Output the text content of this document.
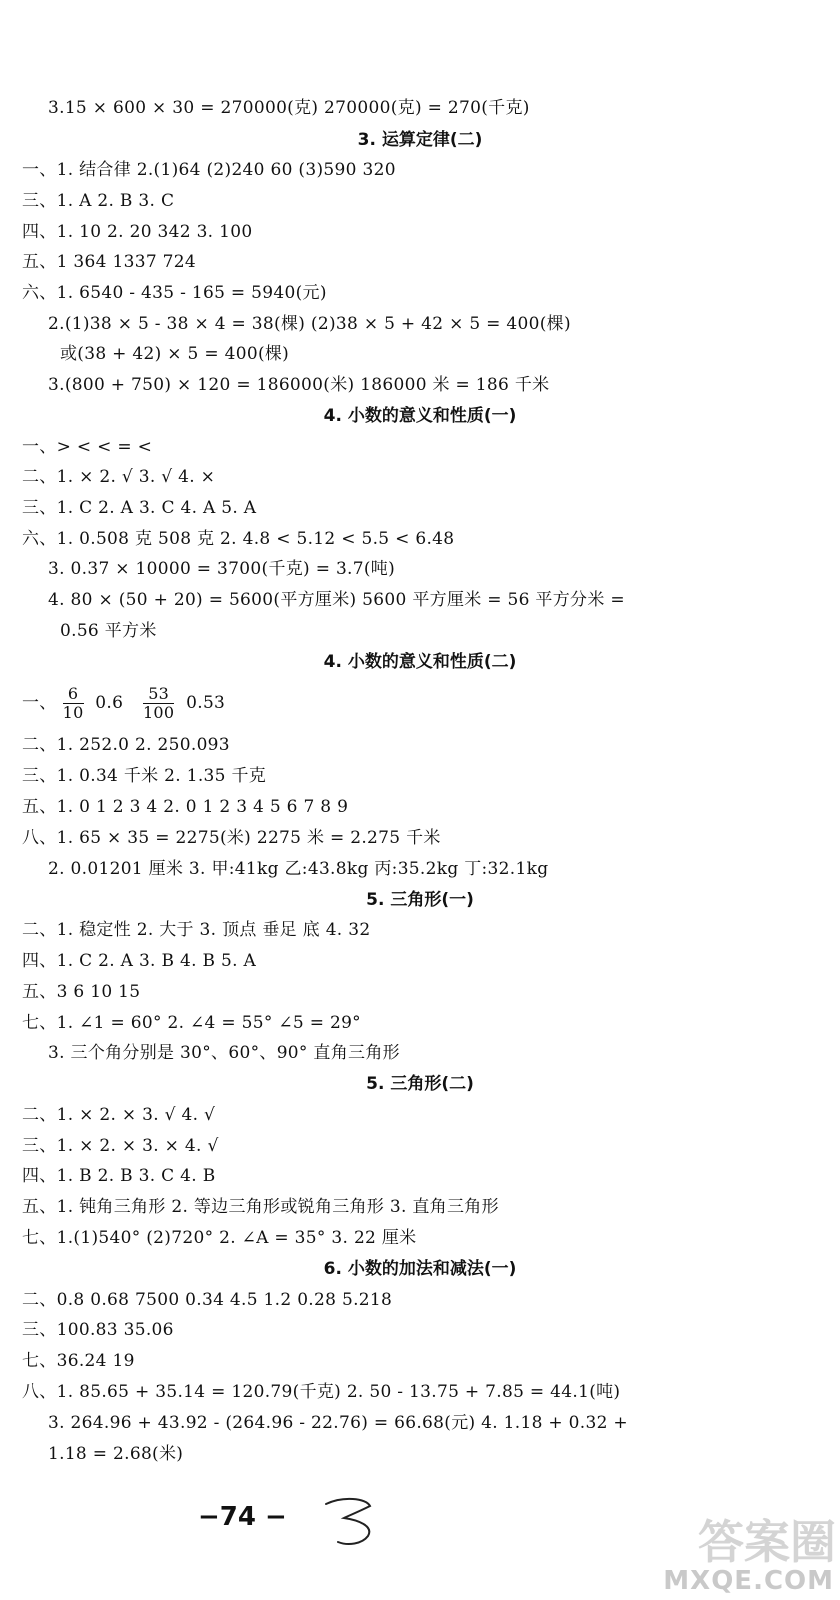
3.15 × 600 × 30 = 270000(克) 270000(克) = 270(千克)
3. 运算定律(二)
一、1. 结合律 2.(1)64 (2)240 60 (3)590 320
三、1. A 2. B 3. C
四、1. 10 2. 20 342 3. 100
五、1 364 1337 724
六、1. 6540 - 435 - 165 = 5940(元)
2.(1)38 × 5 - 38 × 4 = 38(棵) (2)38 × 5 + 42 × 5 = 400(棵)
或(38 + 42) × 5 = 400(棵)
3.(800 + 750) × 120 = 186000(米) 186000 米 = 186 千米
4. 小数的意义和性质(一)
一、> < < = <
二、1. × 2. √ 3. √ 4. ×
三、1. C 2. A 3. C 4. A 5. A
六、1. 0.508 克 508 克 2. 4.8 < 5.12 < 5.5 < 6.48
3. 0.37 × 10000 = 3700(千克) = 3.7(吨)
4. 80 × (50 + 20) = 5600(平方厘米) 5600 平方厘米 = 56 平方分米 =
0.56 平方米
4. 小数的意义和性质(二)
一、 $\frac{6}{10} 0.6 \frac{53}{100} 0.53$
二、1. 252.0 2. 250.093
三、1. 0.34 千米 2. 1.35 千克
五、1. 0 1 2 3 4 2. 0 1 2 3 4 5 6 7 8 9
八、1. 65 × 35 = 2275(米) 2275 米 = 2.275 千米
2. 0.01201 厘米 3. 甲:41kg 乙:43.8kg 丙:35.2kg 丁:32.1kg
5. 三角形(一)
二、1. 稳定性 2. 大于 3. 顶点 垂足 底 4. 32
四、1. C 2. A 3. B 4. B 5. A
五、3 6 10 15
七、1. ∠1 = 60° 2. ∠4 = 55° ∠5 = 29°
3. 三个角分别是 30°、60°、90° 直角三角形
5. 三角形(二)
二、1. × 2. × 3. √ 4. √
三、1. × 2. × 3. × 4. √
四、1. B 2. B 3. C 4. B
五、1. 钝角三角形 2. 等边三角形或锐角三角形 3. 直角三角形
七、1.(1)540° (2)720° 2. ∠A = 35° 3. 22 厘米
6. 小数的加法和减法(一)
二、0.8 0.68 7500 0.34 4.5 1.2 0.28 5.218
三、100.83 35.06
七、36.24 19
八、1. 85.65 + 35.14 = 120.79(千克) 2. 50 - 13.75 + 7.85 = 44.1(吨)
3. 264.96 + 43.92 - (264.96 - 22.76) = 66.68(元) 4. 1.18 + 0.32 +
1.18 = 2.68(米)
−74 −	答案圈
MXQE.COM
